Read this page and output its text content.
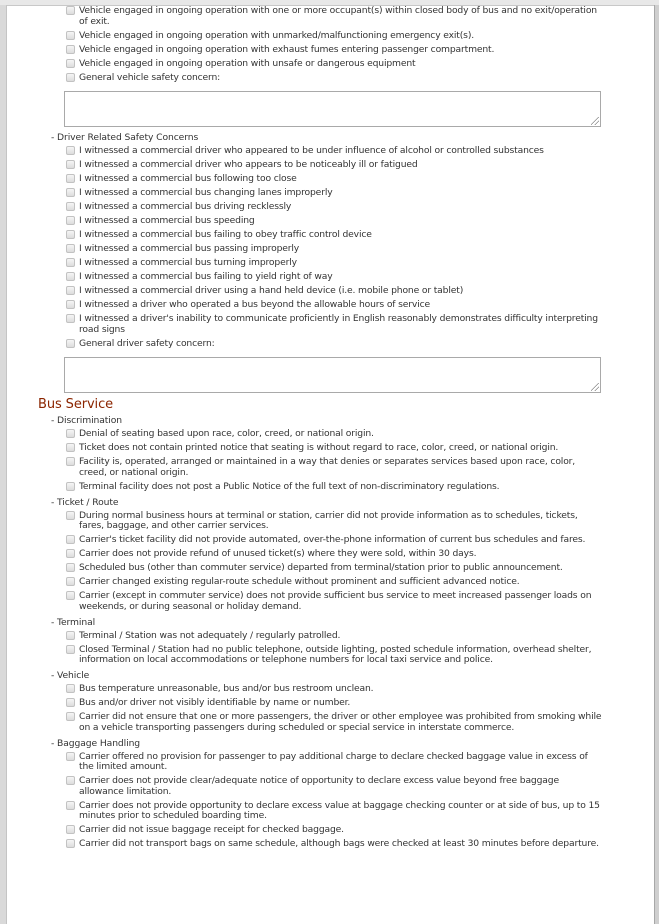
Vehicle engaged in ongoing operation with one or more occupant(s) within closed body of bus and no exit/operation of exit.
Vehicle engaged in ongoing operation with unmarked/malfunctioning emergency exit(s).
Vehicle engaged in ongoing operation with exhaust fumes entering passenger compartment.
Vehicle engaged in ongoing operation with unsafe or dangerous equipment
General vehicle safety concern:
- Driver Related Safety Concerns
I witnessed a commercial driver who appeared to be under influence of alcohol or controlled substances
I witnessed a commercial driver who appears to be noticeably ill or fatigued
I witnessed a commercial bus following too close
I witnessed a commercial bus changing lanes improperly
I witnessed a commercial bus driving recklessly
I witnessed a commercial bus speeding
I witnessed a commercial bus failing to obey traffic control device
I witnessed a commercial bus passing improperly
I witnessed a commercial bus turning improperly
I witnessed a commercial bus failing to yield right of way
I witnessed a commercial driver using a hand held device (i.e. mobile phone or tablet)
I witnessed a driver who operated a bus beyond the allowable hours of service
I witnessed a driver's inability to communicate proficiently in English reasonably demonstrates difficulty interpreting road signs
General driver safety concern:
Bus Service
- Discrimination
Denial of seating based upon race, color, creed, or national origin.
Ticket does not contain printed notice that seating is without regard to race, color, creed, or national origin.
Facility is, operated, arranged or maintained in a way that denies or separates services based upon race, color, creed, or national origin.
Terminal facility does not post a Public Notice of the full text of non-discriminatory regulations.
- Ticket / Route
During normal business hours at terminal or station, carrier did not provide information as to schedules, tickets, fares, baggage, and other carrier services.
Carrier's ticket facility did not provide automated, over-the-phone information of current bus schedules and fares.
Carrier does not provide refund of unused ticket(s) where they were sold, within 30 days.
Scheduled bus (other than commuter service) departed from terminal/station prior to public announcement.
Carrier changed existing regular-route schedule without prominent and sufficient advanced notice.
Carrier (except in commuter service) does not provide sufficient bus service to meet increased passenger loads on weekends, or during seasonal or holiday demand.
- Terminal
Terminal / Station was not adequately / regularly patrolled.
Closed Terminal / Station had no public telephone, outside lighting, posted schedule information, overhead shelter, information on local accommodations or telephone numbers for local taxi service and police.
- Vehicle
Bus temperature unreasonable, bus and/or bus restroom unclean.
Bus and/or driver not visibly identifiable by name or number.
Carrier did not ensure that one or more passengers, the driver or other employee was prohibited from smoking while on a vehicle transporting passengers during scheduled or special service in interstate commerce.
- Baggage Handling
Carrier offered no provision for passenger to pay additional charge to declare checked baggage value in excess of the limited amount.
Carrier does not provide clear/adequate notice of opportunity to declare excess value beyond free baggage allowance limitation.
Carrier does not provide opportunity to declare excess value at baggage checking counter or at side of bus, up to 15 minutes prior to scheduled boarding time.
Carrier did not issue baggage receipt for checked baggage.
Carrier did not transport bags on same schedule, although bags were checked at least 30 minutes before departure.
